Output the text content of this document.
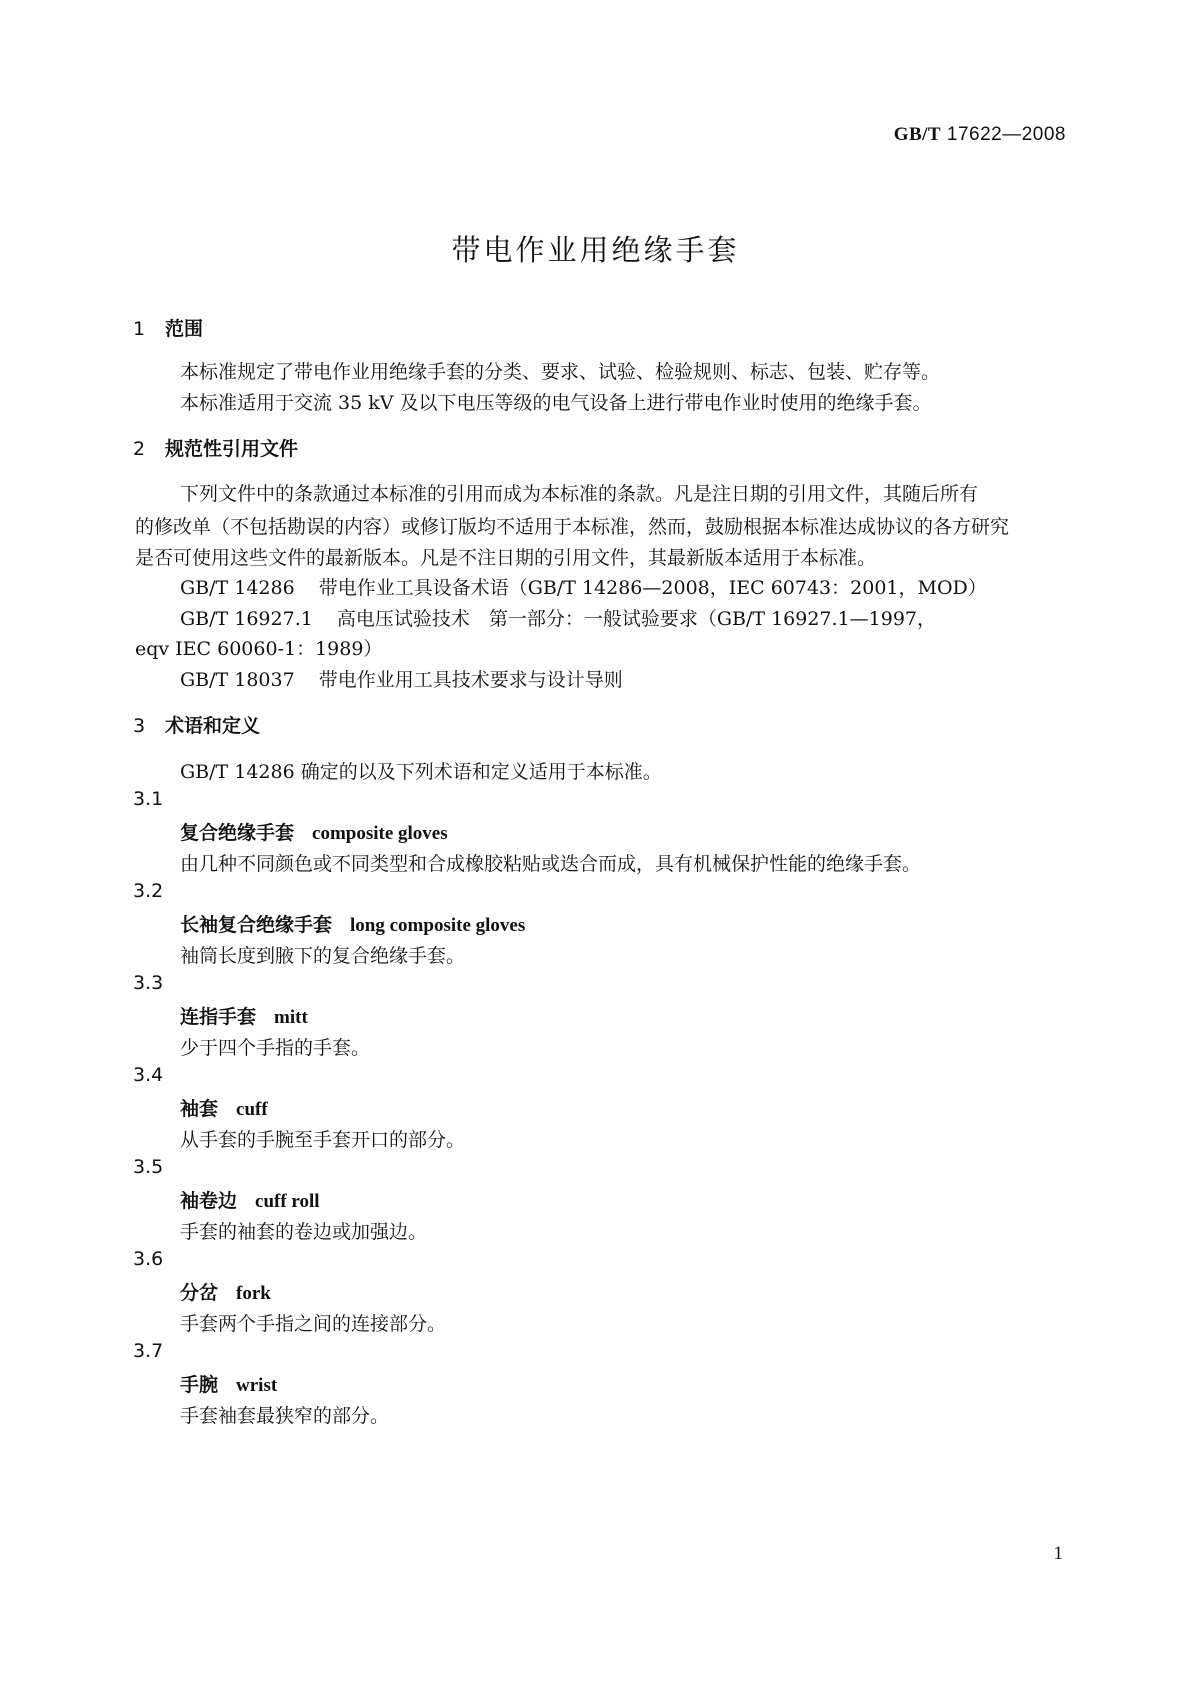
GB/T 17622—2008
带电作业用绝缘手套
1 范围
本标准规定了带电作业用绝缘手套的分类、要求、试验、检验规则、标志、包装、贮存等。
本标准适用于交流 35 kV 及以下电压等级的电气设备上进行带电作业时使用的绝缘手套。
2 规范性引用文件
下列文件中的条款通过本标准的引用而成为本标准的条款。凡是注日期的引用文件，其随后所有
的修改单（不包括勘误的内容）或修订版均不适用于本标准，然而，鼓励根据本标准达成协议的各方研究
是否可使用这些文件的最新版本。凡是不注日期的引用文件，其最新版本适用于本标准。
GB/T 14286 带电作业工具设备术语（GB/T 14286—2008，IEC 60743：2001，MOD）
GB/T 16927.1 高电压试验技术　第一部分：一般试验要求（GB/T 16927.1—1997，
eqv IEC 60060-1：1989）
GB/T 18037 带电作业用工具技术要求与设计导则
3 术语和定义
GB/T 14286 确定的以及下列术语和定义适用于本标准。
3.1
复合绝缘手套 composite gloves
由几种不同颜色或不同类型和合成橡胶粘贴或迭合而成，具有机械保护性能的绝缘手套。
3.2
长袖复合绝缘手套 long composite gloves
袖筒长度到腋下的复合绝缘手套。
3.3
连指手套 mitt
少于四个手指的手套。
3.4
袖套 cuff
从手套的手腕至手套开口的部分。
3.5
袖卷边 cuff roll
手套的袖套的卷边或加强边。
3.6
分岔 fork
手套两个手指之间的连接部分。
3.7
手腕 wrist
手套袖套最狭窄的部分。
1
